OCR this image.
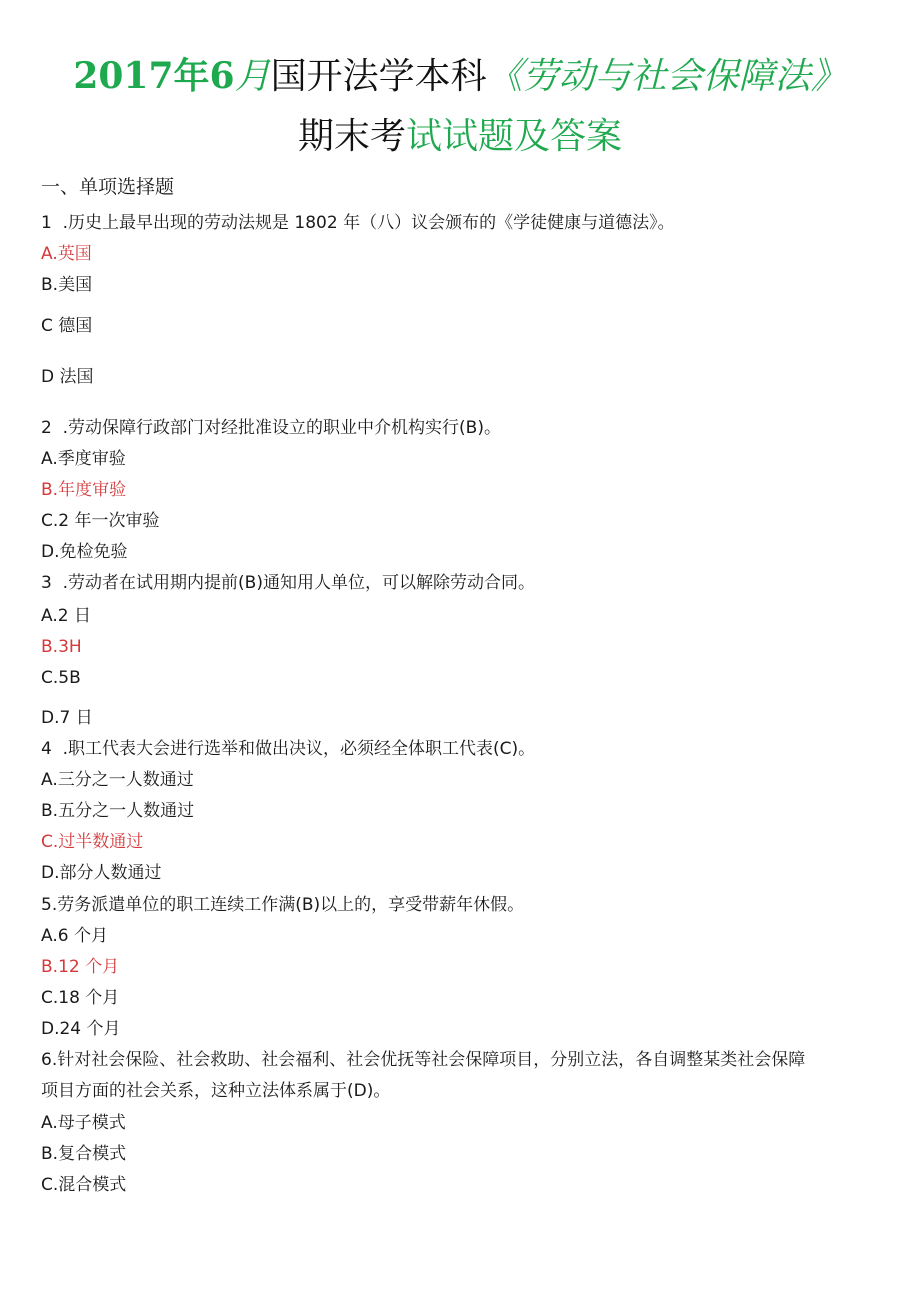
2017年6月国开法学本科《劳动与社会保障法》
期末考试试题及答案
一、单项选择题
1  .历史上最早出现的劳动法规是 1802 年（八）议会颁布的《学徒健康与道德法》。
A.英国
B.美国
C 德国
D 法国
2  .劳动保障行政部门对经批准设立的职业中介机构实行(B)。
A.季度审验
B.年度审验
C.2 年一次审验
D.免检免验
3  .劳动者在试用期内提前(B)通知用人单位，可以解除劳动合同。
A.2 日
B.3H
C.5B
D.7 日
4  .职工代表大会进行选举和做出决议，必须经全体职工代表(C)。
A.三分之一人数通过
B.五分之一人数通过
C.过半数通过
D.部分人数通过
5.劳务派遣单位的职工连续工作满(B)以上的，享受带薪年休假。
A.6 个月
B.12 个月
C.18 个月
D.24 个月
6.针对社会保险、社会救助、社会福利、社会优抚等社会保障项目，分别立法，各自调整某类社会保障
项目方面的社会关系，这种立法体系属于(D)。
A.母子模式
B.复合模式
C.混合模式
